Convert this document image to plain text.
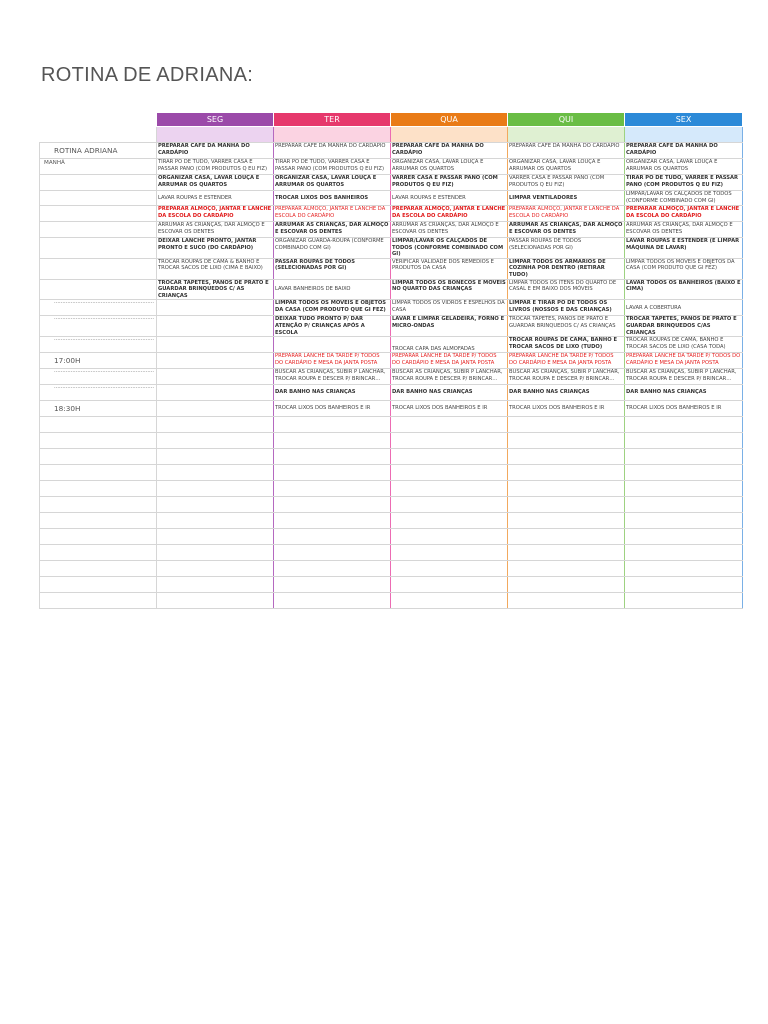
ROTINA DE ADRIANA:
	SEG	TER	QUA	QUI	SEX

ROTINA ADRIANA	PREPARAR CAFÉ DA MANHÃ DO CARDÁPIO	PREPARAR CAFÉ DA MANHÃ DO CARDÁPIO	PREPARAR CAFÉ DA MANHÃ DO CARDÁPIO	PREPARAR CAFÉ DA MANHÃ DO CARDÁPIO	PREPARAR CAFÉ DA MANHÃ DO CARDÁPIO
MANHÃ	TIRAR PÓ DE TUDO, VARRER CASA E PASSAR PANO (COM PRODUTOS Q EU FIZ)	TIRAR PÓ DE TUDO, VARRER CASA E PASSAR PANO (COM PRODUTOS Q EU FIZ)	ORGANIZAR CASA, LAVAR LOUÇA E ARRUMAR OS QUARTOS	ORGANIZAR CASA, LAVAR LOUÇA E ARRUMAR OS QUARTOS	ORGANIZAR CASA, LAVAR LOUÇA E ARRUMAR OS QUARTOS
	ORGANIZAR CASA, LAVAR LOUÇA E ARRUMAR OS QUARTOS	ORGANIZAR CASA, LAVAR LOUÇA E ARRUMAR OS QUARTOS	VARRER CASA E PASSAR PANO (COM PRODUTOS Q EU FIZ)	VARRER CASA E PASSAR PANO (COM PRODUTOS Q EU FIZ)	TIRAR PÓ DE TUDO, VARRER E PASSAR PANO (COM PRODUTOS Q EU FIZ)
	LAVAR ROUPAS E ESTENDER	TROCAR LIXOS DOS BANHEIROS	LAVAR ROUPAS E ESTENDER	LIMPAR VENTILADORES	LIMPAR/LAVAR OS CALÇADOS DE TODOS (CONFORME COMBINADO COM GI)
	PREPARAR ALMOÇO, JANTAR E LANCHE DA ESCOLA DO CARDÁPIO	PREPARAR ALMOÇO, JANTAR E LANCHE DA ESCOLA DO CARDÁPIO	PREPARAR ALMOÇO, JANTAR E LANCHE DA ESCOLA DO CARDÁPIO	PREPARAR ALMOÇO, JANTAR E LANCHE DA ESCOLA DO CARDÁPIO	PREPARAR ALMOÇO, JANTAR E LANCHE DA ESCOLA DO CARDÁPIO
	ARRUMAR AS CRIANÇAS, DAR ALMOÇO E ESCOVAR OS DENTES	ARRUMAR AS CRIANÇAS, DAR ALMOÇO E ESCOVAR OS DENTES	ARRUMAR AS CRIANÇAS, DAR ALMOÇO E ESCOVAR OS DENTES	ARRUMAR AS CRIANÇAS, DAR ALMOÇO E ESCOVAR OS DENTES	ARRUMAR AS CRIANÇAS, DAR ALMOÇO E ESCOVAR OS DENTES
	DEIXAR LANCHE PRONTO, JANTAR PRONTO E SUCO (DO CARDÁPIO)	ORGANIZAR GUARDA-ROUPA (CONFORME COMBINADO COM GI)	LIMPAR/LAVAR OS CALÇADOS DE TODOS (CONFORME COMBINADO COM GI)	PASSAR ROUPAS DE TODOS (SELECIONADAS POR GI)	LAVAR ROUPAS E ESTENDER (E LIMPAR MÁQUINA DE LAVAR)
	TROCAR ROUPAS DE CAMA & BANHO E TROCAR SACOS DE LIXO (CIMA E BAIXO)	PASSAR ROUPAS DE TODOS (SELECIONADAS POR GI)	VERIFICAR VALIDADE DOS REMÉDIOS E PRODUTOS DA CASA	LIMPAR TODOS OS ARMÁRIOS DE COZINHA POR DENTRO (RETIRAR TUDO)	LIMPAR TODOS OS MÓVEIS E OBJETOS DA CASA (COM PRODUTO QUE GI FEZ)
	TROCAR TAPETES, PANOS DE PRATO E GUARDAR BRINQUEDOS C/ AS CRIANÇAS	LAVAR BANHEIROS DE BAIXO	LIMPAR TODOS OS BONECOS E MÓVEIS NO QUARTO DAS CRIANÇAS	LIMPAR TODOS OS ÍTENS DO QUARTO DE CASAL E EM BAIXO DOS MÓVEIS	LAVAR TODOS OS BANHEIROS (BAIXO E CIMA)
……………………………………………………		LIMPAR TODOS OS MÓVEIS E OBJETOS DA CASA (COM PRODUTO QUE GI FEZ)	LIMPAR TODOS OS VIDROS E ESPELHOS DA CASA	LIMPAR E TIRAR PÓ DE TODOS OS LIVROS (NOSSOS E DAS CRIANÇAS)	LAVAR A COBERTURA
……………………………………………………		DEIXAR TUDO PRONTO P/ DAR ATENÇÃO P/ CRIANÇAS APÓS A ESCOLA	LAVAR E LIMPAR GELADEIRA, FORNO E MICRO-ONDAS	TROCAR TAPETES, PANOS DE PRATO E GUARDAR BRINQUEDOS C/ AS CRIANÇAS	TROCAR TAPETES, PANOS DE PRATO E GUARDAR BRINQUEDOS C/AS CRIANÇAS
……………………………………………………			TROCAR CAPA DAS ALMOFADAS	TROCAR ROUPAS DE CAMA, BANHO E TROCAR SACOS DE LIXO (TUDO)	TROCAR ROUPAS DE CAMA, BANHO E TROCAR SACOS DE LIXO (CASA TODA)
17:00H		PREPARAR LANCHE DA TARDE P/ TODOS DO CARDÁPIO E MESA DA JANTA POSTA	PREPARAR LANCHE DA TARDE P/ TODOS DO CARDÁPIO E MESA DA JANTA POSTA	PREPARAR LANCHE DA TARDE P/ TODOS DO CARDÁPIO E MESA DA JANTA POSTA	PREPARAR LANCHE DA TARDE P/ TODOS DO CARDÁPIO E MESA DA JANTA POSTA
……………………………………………………		BUSCAR AS CRIANÇAS, SUBIR P LANCHAR, TROCAR ROUPA E DESCER P/ BRINCAR…	BUSCAR AS CRIANÇAS, SUBIR P LANCHAR, TROCAR ROUPA E DESCER P/ BRINCAR…	BUSCAR AS CRIANÇAS, SUBIR P LANCHAR, TROCAR ROUPA E DESCER P/ BRINCAR…	BUSCAR AS CRIANÇAS, SUBIR P LANCHAR, TROCAR ROUPA E DESCER P/ BRINCAR…
……………………………………………………		DAR BANHO NAS CRIANÇAS	DAR BANHO NAS CRIANÇAS	DAR BANHO NAS CRIANÇAS	DAR BANHO NAS CRIANÇAS
18:30H		TROCAR LIXOS DOS BANHEIROS E IR	TROCAR LIXOS DOS BANHEIROS E IR	TROCAR LIXOS DOS BANHEIROS E IR	TROCAR LIXOS DOS BANHEIROS E IR
